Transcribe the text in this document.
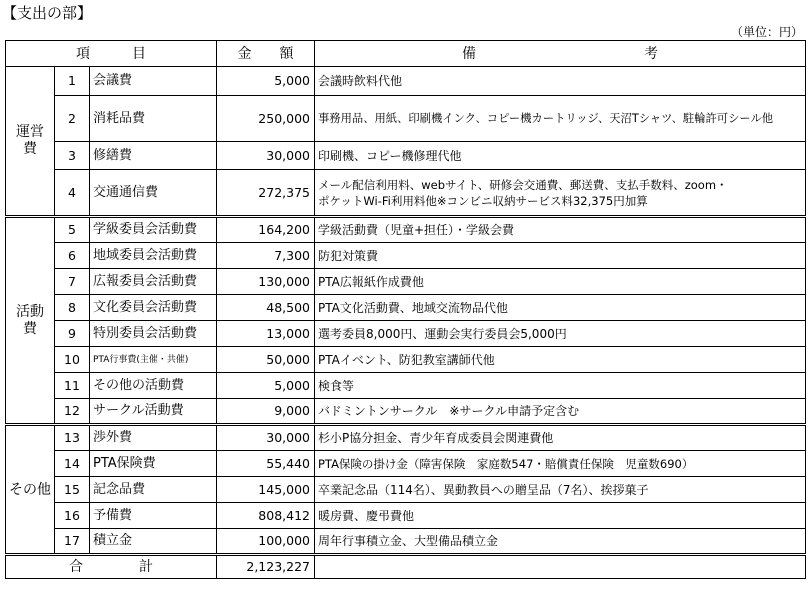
【支出の部】
（単位：円）
項　　　 目			金　　 額	備　　　　　　　　　　　　 考
運営
費	1	会議費	5,000	会議時飲料代他
	2	消耗品費	250,000	事務用品、用紙、印刷機インク、コピー機カートリッジ、天沼Tシャツ、駐輪許可シール他
	3	修繕費	30,000	印刷機、コピー機修理代他
	4	交通通信費	272,375	メール配信利用料、webサイト、研修会交通費、郵送費、支払手数料、zoom・
ポケットWi-Fi利用料他※コンビニ収納サービス料32,375円加算
活動
費	5	学級委員会活動費	164,200	学級活動費（児童+担任）・学級会費
	6	地域委員会活動費	7,300	防犯対策費
	7	広報委員会活動費	130,000	PTA広報紙作成費他
	8	文化委員会活動費	48,500	PTA文化活動費、地域交流物品代他
	9	特別委員会活動費	13,000	選考委員8,000円、運動会実行委員会5,000円
	10	PTA行事費(主催・共催)	50,000	PTAイベント、防犯教室講師代他
	11	その他の活動費	5,000	検食等
	12	サークル活動費	9,000	バドミントンサークル　※サークル申請予定含む
その他	13	渉外費	30,000	杉小P協分担金、青少年育成委員会関連費他
	14	PTA保険費	55,440	PTA保険の掛け金（障害保険　家庭数547・賠償責任保険　児童数690）
	15	記念品費	145,000	卒業記念品（114名）、異動教員への贈呈品（7名）、挨拶菓子
	16	予備費	808,412	暖房費、慶弔費他
	17	積立金	100,000	周年行事積立金、大型備品積立金
合　　　　 計			2,123,227	
